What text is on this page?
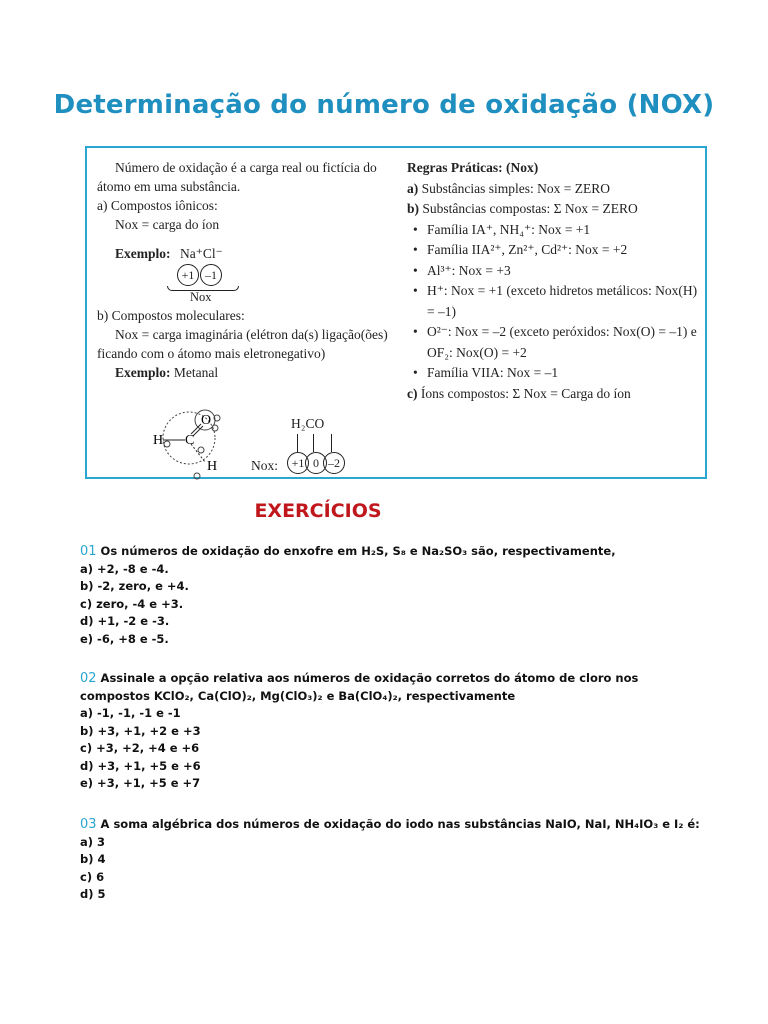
Determinação do número de oxidação (NOX)
Número de oxidação é a carga real ou fictícia do átomo em uma substância.
a) Compostos iônicos:
Nox = carga do íon
Exemplo: Na⁺Cl⁻
+1 –1
Nox
b) Compostos moleculares:
Nox = carga imaginária (elétron da(s) ligação(ões) ficando com o átomo mais eletronegativo)
Exemplo: Metanal
H C
O
H
H₂CO
Nox:	+1 0 –2
Regras Práticas: (Nox)
a) Substâncias simples: Nox = ZERO
b) Substâncias compostas: Σ Nox = ZERO
• Família IA⁺, NH₄⁺: Nox = +1
• Família IIA²⁺, Zn²⁺, Cd²⁺: Nox = +2
• Al³⁺: Nox = +3
• H⁺: Nox = +1 (exceto hidretos metálicos: Nox(H) = –1)
• O²⁻: Nox = –2 (exceto peróxidos: Nox(O) = –1) e OF₂: Nox(O) = +2
• Família VIIA: Nox = –1
c) Íons compostos: Σ Nox = Carga do íon
EXERCÍCIOS
01 Os números de oxidação do enxofre em H₂S, S₈ e Na₂SO₃ são, respectivamente,
a) +2, -8 e -4.
b) -2, zero, e +4.
c) zero, -4 e +3.
d) +1, -2 e -3.
e) -6, +8 e -5.
02 Assinale a opção relativa aos números de oxidação corretos do átomo de cloro nos compostos KClO₂, Ca(ClO)₂, Mg(ClO₃)₂ e Ba(ClO₄)₂, respectivamente
a) -1, -1, -1 e -1
b) +3, +1, +2 e +3
c) +3, +2, +4 e +6
d) +3, +1, +5 e +6
e) +3, +1, +5 e +7
03 A soma algébrica dos números de oxidação do iodo nas substâncias NaIO, NaI, NH₄IO₃ e I₂ é:
a) 3
b) 4
c) 6
d) 5
